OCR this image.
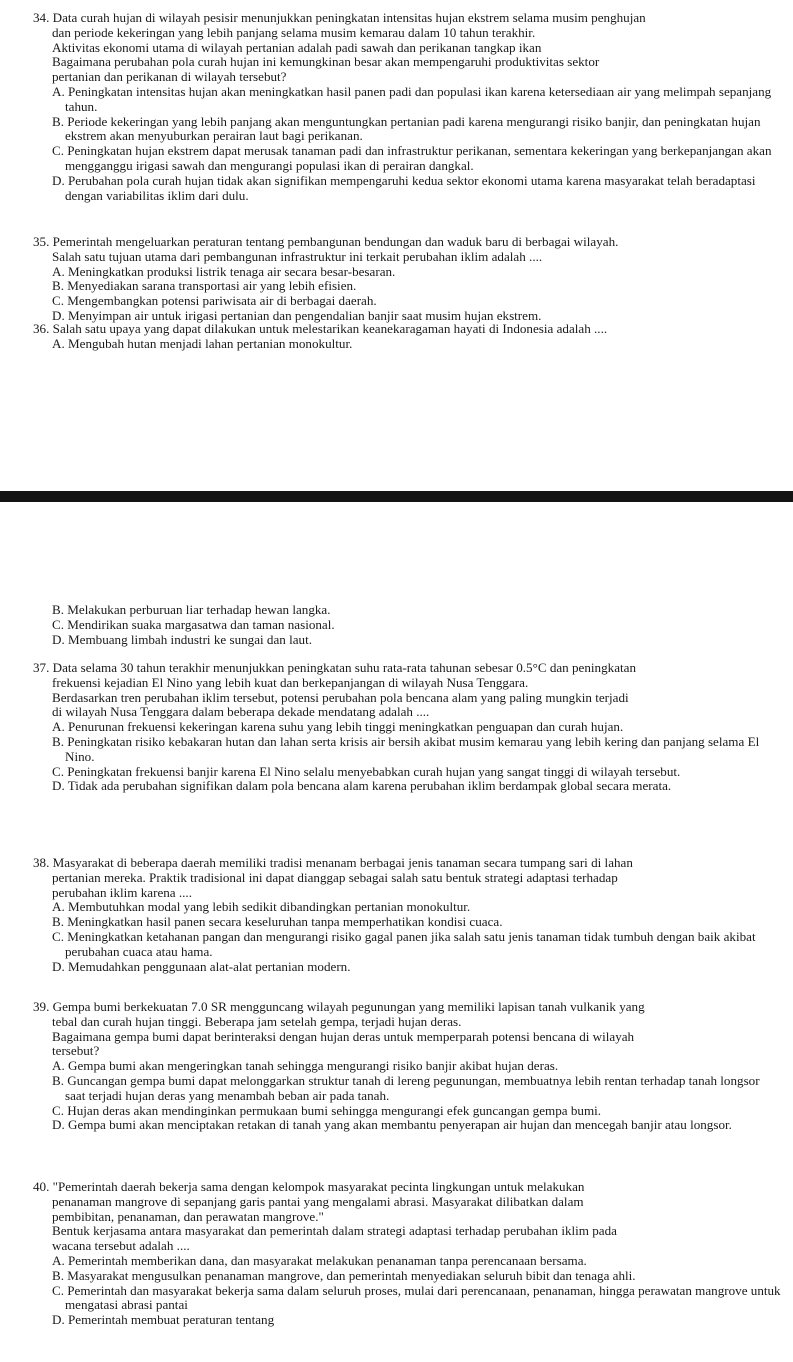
34. Data curah hujan di wilayah pesisir menunjukkan peningkatan intensitas hujan ekstrem selama musim penghujan
dan periode kekeringan yang lebih panjang selama musim kemarau dalam 10 tahun terakhir.
Aktivitas ekonomi utama di wilayah pertanian adalah padi sawah dan perikanan tangkap ikan
Bagaimana perubahan pola curah hujan ini kemungkinan besar akan mempengaruhi produktivitas sektor
pertanian dan perikanan di wilayah tersebut?
A. Peningkatan intensitas hujan akan meningkatkan hasil panen padi dan populasi ikan karena ketersediaan air yang melimpah sepanjang tahun.
B. Periode kekeringan yang lebih panjang akan menguntungkan pertanian padi karena mengurangi risiko banjir, dan peningkatan hujan ekstrem akan menyuburkan perairan laut bagi perikanan.
C. Peningkatan hujan ekstrem dapat merusak tanaman padi dan infrastruktur perikanan, sementara kekeringan yang berkepanjangan akan mengganggu irigasi sawah dan mengurangi populasi ikan di perairan dangkal.
D. Perubahan pola curah hujan tidak akan signifikan mempengaruhi kedua sektor ekonomi utama karena masyarakat telah beradaptasi dengan variabilitas iklim dari dulu.
35. Pemerintah mengeluarkan peraturan tentang pembangunan bendungan dan waduk baru di berbagai wilayah.
Salah satu tujuan utama dari pembangunan infrastruktur ini terkait perubahan iklim adalah ....
A. Meningkatkan produksi listrik tenaga air secara besar-besaran.
B. Menyediakan sarana transportasi air yang lebih efisien.
C. Mengembangkan potensi pariwisata air di berbagai daerah.
D. Menyimpan air untuk irigasi pertanian dan pengendalian banjir saat musim hujan ekstrem.
36. Salah satu upaya yang dapat dilakukan untuk melestarikan keanekaragaman hayati di Indonesia adalah ....
A. Mengubah hutan menjadi lahan pertanian monokultur.
B. Melakukan perburuan liar terhadap hewan langka.
C. Mendirikan suaka margasatwa dan taman nasional.
D. Membuang limbah industri ke sungai dan laut.
37. Data selama 30 tahun terakhir menunjukkan peningkatan suhu rata-rata tahunan sebesar 0.5°C dan peningkatan
frekuensi kejadian El Nino yang lebih kuat dan berkepanjangan di wilayah Nusa Tenggara.
Berdasarkan tren perubahan iklim tersebut, potensi perubahan pola bencana alam yang paling mungkin terjadi
di wilayah Nusa Tenggara dalam beberapa dekade mendatang adalah ....
A. Penurunan frekuensi kekeringan karena suhu yang lebih tinggi meningkatkan penguapan dan curah hujan.
B. Peningkatan risiko kebakaran hutan dan lahan serta krisis air bersih akibat musim kemarau yang lebih kering dan panjang selama El Nino.
C. Peningkatan frekuensi banjir karena El Nino selalu menyebabkan curah hujan yang sangat tinggi di wilayah tersebut.
D. Tidak ada perubahan signifikan dalam pola bencana alam karena perubahan iklim berdampak global secara merata.
38. Masyarakat di beberapa daerah memiliki tradisi menanam berbagai jenis tanaman secara tumpang sari di lahan
pertanian mereka. Praktik tradisional ini dapat dianggap sebagai salah satu bentuk strategi adaptasi terhadap
perubahan iklim karena ....
A. Membutuhkan modal yang lebih sedikit dibandingkan pertanian monokultur.
B. Meningkatkan hasil panen secara keseluruhan tanpa memperhatikan kondisi cuaca.
C. Meningkatkan ketahanan pangan dan mengurangi risiko gagal panen jika salah satu jenis tanaman tidak tumbuh dengan baik akibat perubahan cuaca atau hama.
D. Memudahkan penggunaan alat-alat pertanian modern.
39. Gempa bumi berkekuatan 7.0 SR mengguncang wilayah pegunungan yang memiliki lapisan tanah vulkanik yang
tebal dan curah hujan tinggi. Beberapa jam setelah gempa, terjadi hujan deras.
Bagaimana gempa bumi dapat berinteraksi dengan hujan deras untuk memperparah potensi bencana di wilayah
tersebut?
A. Gempa bumi akan mengeringkan tanah sehingga mengurangi risiko banjir akibat hujan deras.
B. Guncangan gempa bumi dapat melonggarkan struktur tanah di lereng pegunungan, membuatnya lebih rentan terhadap tanah longsor saat terjadi hujan deras yang menambah beban air pada tanah.
C. Hujan deras akan mendinginkan permukaan bumi sehingga mengurangi efek guncangan gempa bumi.
D. Gempa bumi akan menciptakan retakan di tanah yang akan membantu penyerapan air hujan dan mencegah banjir atau longsor.
40. "Pemerintah daerah bekerja sama dengan kelompok masyarakat pecinta lingkungan untuk melakukan
penanaman mangrove di sepanjang garis pantai yang mengalami abrasi. Masyarakat dilibatkan dalam
pembibitan, penanaman, dan perawatan mangrove."
Bentuk kerjasama antara masyarakat dan pemerintah dalam strategi adaptasi terhadap perubahan iklim pada
wacana tersebut adalah ....
A. Pemerintah memberikan dana, dan masyarakat melakukan penanaman tanpa perencanaan bersama.
B. Masyarakat mengusulkan penanaman mangrove, dan pemerintah menyediakan seluruh bibit dan tenaga ahli.
C. Pemerintah dan masyarakat bekerja sama dalam seluruh proses, mulai dari perencanaan, penanaman, hingga perawatan mangrove untuk mengatasi abrasi pantai
D. Pemerintah membuat peraturan tentang
